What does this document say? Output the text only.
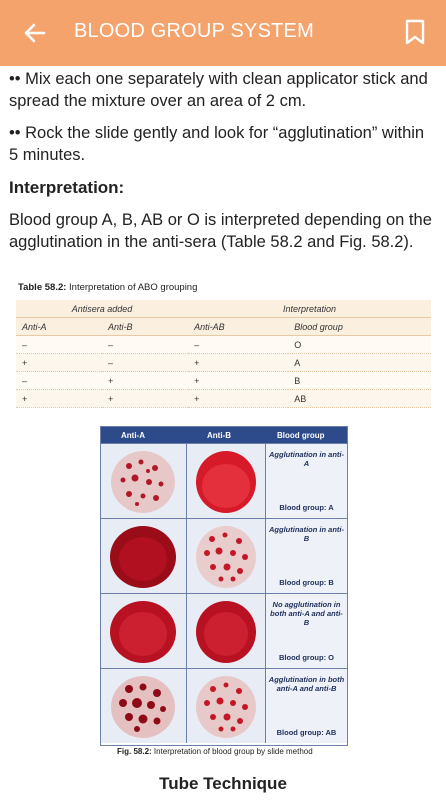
BLOOD GROUP SYSTEM
•• Mix each one separately with clean applicator stick and spread the mixture over an area of 2 cm.
•• Rock the slide gently and look for “agglutination” within 5 minutes.
Interpretation:
Blood group A, B, AB or O is interpreted depending on the agglutination in the anti-sera (Table 58.2 and Fig. 58.2).
Table 58.2: Interpretation of ABO grouping
Antisera added		Interpretation	
Anti-A	Anti-B	Anti-AB	Blood group
–	–	–	O
+	–	+	A
–	+	+	B
+	+	+	AB
Anti-A	Anti-B	Blood group
Agglutination in anti-A
Blood group: A
Agglutination in anti-B
Blood group: B
No agglutination in both anti-A and anti-B
Blood group: O
Agglutination in both anti-A and anti-B
Blood group: AB
Fig. 58.2: Interpretation of blood group by slide method
Tube Technique
